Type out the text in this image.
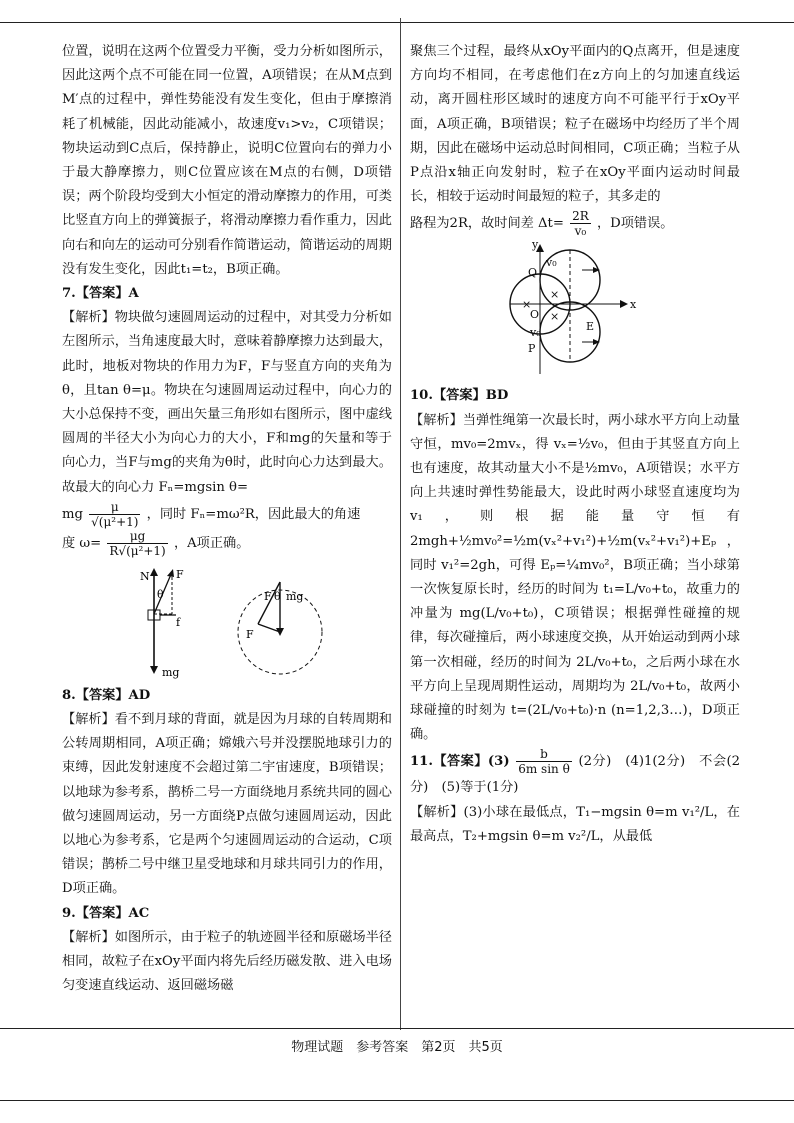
位置，说明在这两个位置受力平衡，受力分析如图所示，因此这两个点不可能在同一位置，A项错误；在从M点到M′点的过程中，弹性势能没有发生变化，但由于摩擦消耗了机械能，因此动能减小，故速度v₁>v₂，C项错误；物块运动到C点后，保持静止，说明C位置向右的弹力小于最大静摩擦力，则C位置应该在M点的右侧，D项错误；两个阶段均受到大小恒定的滑动摩擦力的作用，可类比竖直方向上的弹簧振子，将滑动摩擦力看作重力，因此向右和向左的运动可分别看作简谐运动，简谐运动的周期没有发生变化，因此t₁=t₂，B项正确。

7.【答案】A

【解析】物块做匀速圆周运动的过程中，对其受力分析如左图所示，当角速度最大时，意味着静摩擦力达到最大，此时，地板对物块的作用力为F，F与竖直方向的夹角为θ，且tan θ=μ。物块在匀速圆周运动过程中，向心力的大小总保持不变，画出矢量三角形如右图所示，图中虚线圆周的半径大小为向心力的大小，F和mg的矢量和等于向心力，当F与mg的夹角为θ时，此时向心力达到最大。故最大的向心力 Fₙ=mgsin θ=

mg $\frac{\mu}{\text{√(μ²+1)}}$ ，同时 Fₙ=mω²R，因此最大的角速

度 $\omega= \frac{\mu g}{\text{R√(μ²+1)}}$ ，A项正确。

N F
θ
f
mg
F θ mg
F

8.【答案】AD

【解析】看不到月球的背面，就是因为月球的自转周期和公转周期相同，A项正确；嫦娥六号并没摆脱地球引力的束缚，因此发射速度不会超过第二宇宙速度，B项错误；以地球为参考系，鹊桥二号一方面绕地月系统共同的圆心做匀速圆周运动，另一方面绕P点做匀速圆周运动，因此以地心为参考系，它是两个匀速圆周运动的合运动，C项错误；鹊桥二号中继卫星受地球和月球共同引力的作用，D项正确。

9.【答案】AC

【解析】如图所示，由于粒子的轨迹圆半径和原磁场半径相同，故粒子在xOy平面内将先后经历磁发散、进入电场匀变速直线运动、返回磁场磁

聚焦三个过程，最终从xOy平面内的Q点离开，但是速度方向均不相同，在考虑他们在z方向上的匀加速直线运动，离开圆柱形区域时的速度方向不可能平行于xOy平面，A项正确，B项错误；粒子在磁场中均经历了半个周期，因此在磁场中运动总时间相同，C项正确；当粒子从P点沿x轴正向发射时，粒子在xOy平面内运动时间最长，相较于运动时间最短的粒子，其多走的

路程为2R，故时间差 $\Delta t= \frac{2R}{\text{v₀}}$ ，D项错误。

×
×
×
y
x
Q
O
P
E
v₀
v₀

10.【答案】BD

【解析】当弹性绳第一次最长时，两小球水平方向上动量守恒，mv₀=2mvₓ，得 vₓ=½v₀，但由于其竖直方向上也有速度，故其动量大小不是½mv₀，A项错误；水平方向上共速时弹性势能最大，设此时两小球竖直速度均为v₁，则根据能量守恒有 2mgh+½mv₀²=½m(vₓ²+v₁²)+½m(vₓ²+v₁²)+Eₚ，同时 v₁²=2gh，可得 Eₚ=¼mv₀²，B项正确；当小球第一次恢复原长时，经历的时间为 t₁=L/v₀+t₀，故重力的冲量为 mg(L/v₀+t₀)，C项错误；根据弹性碰撞的规律，每次碰撞后，两小球速度交换，从开始运动到两小球第一次相碰，经历的时间为 2L/v₀+t₀，之后两小球在水平方向上呈现周期性运动，周期均为 2L/v₀+t₀，故两小球碰撞的时刻为 t=(2L/v₀+t₀)·n (n=1,2,3…)，D项正确。

11.【答案】$(3) \frac{b}{\text{6m sin θ}} (2$分)　(4)1(2分)　不会(2分)　(5)等于(1分)

【解析】(3)小球在最低点，T₁−mgsin θ=m v₁²/L，在最高点，T₂+mgsin θ=m v₂²/L，从最低

物理试题　参考答案　第2页　共5页
